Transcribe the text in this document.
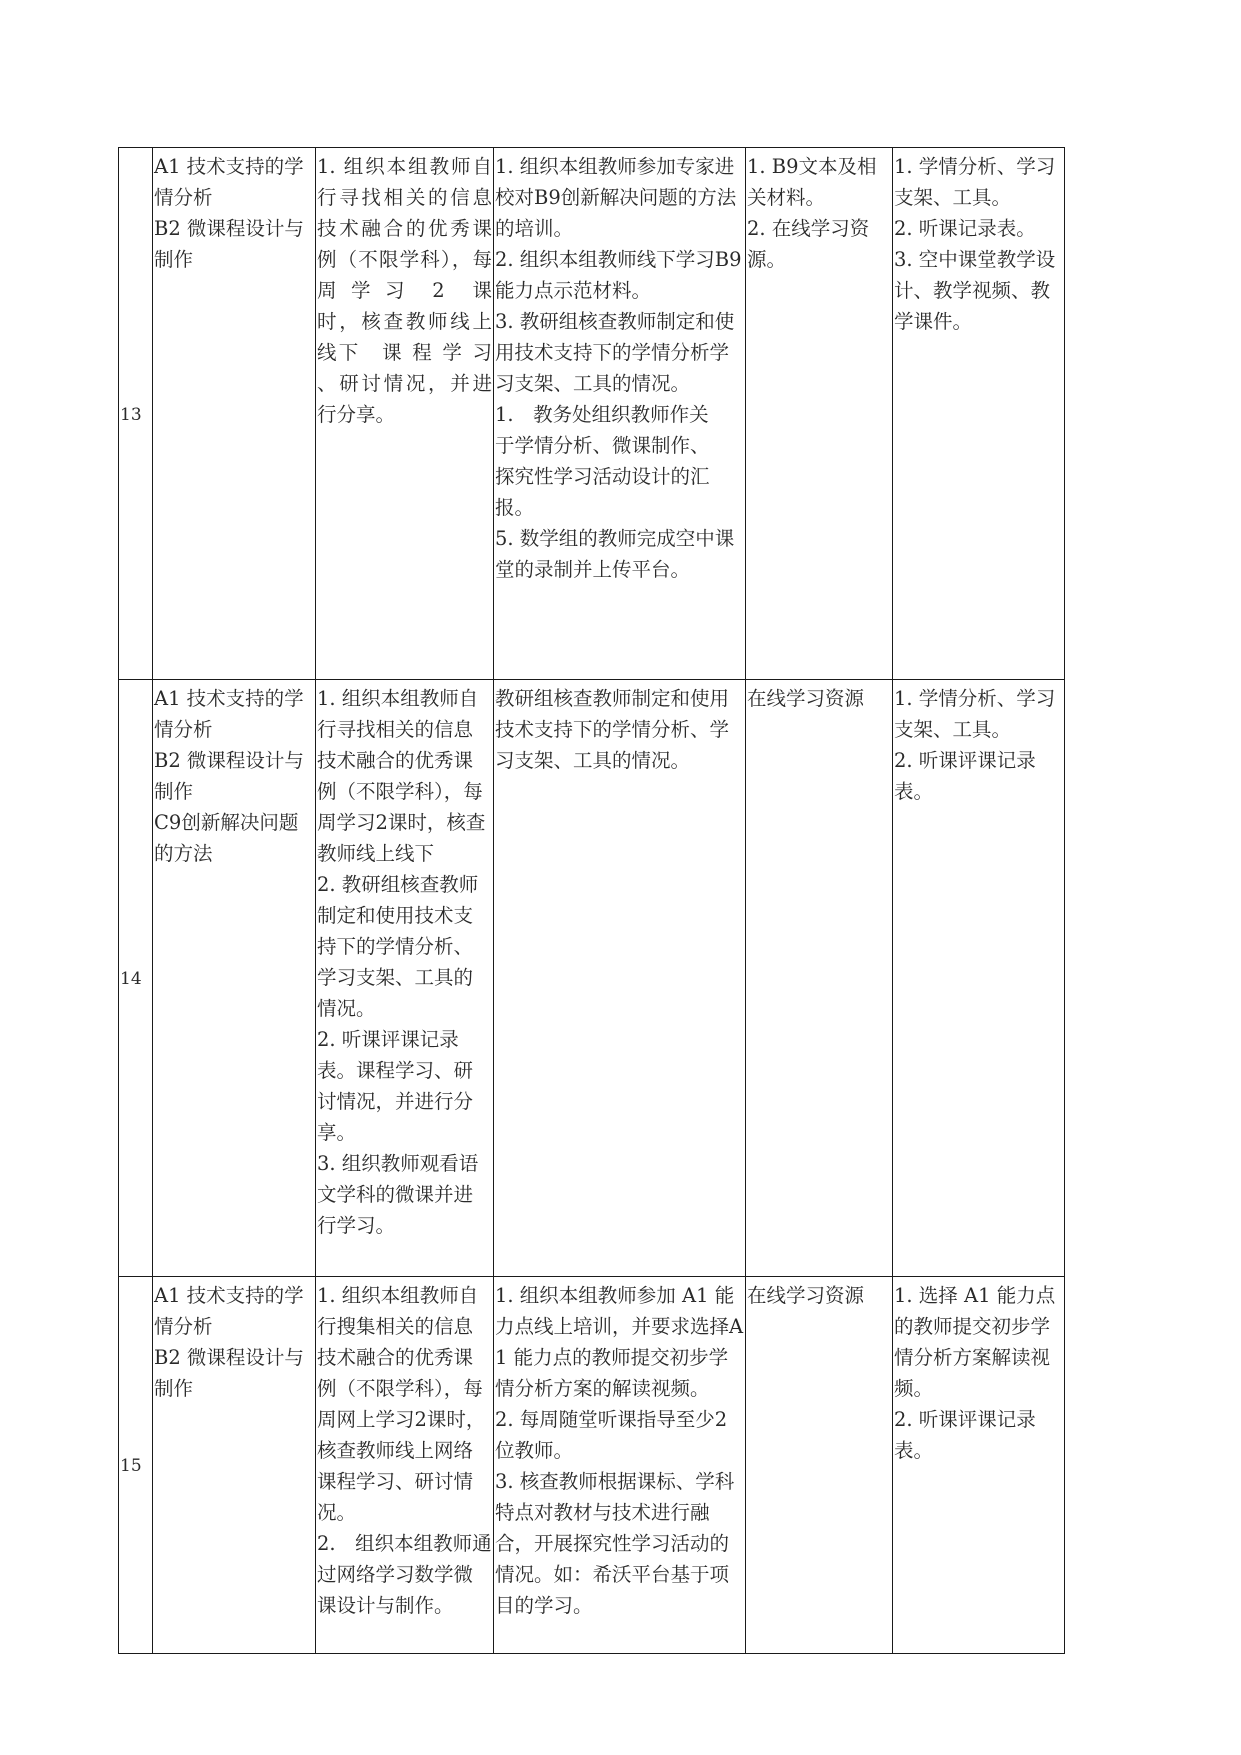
13	A1 技术支持的学情分析
B2 微课程设计与制作	1. 组织本组教师自行寻找相关的信息技术融合的优秀课例（不限学科），每 周 学 习　2　课时，核查教师线上线下　课 程 学 习 、研讨情况，并进行分享。	1. 组织本组教师参加专家进校对B9创新解决问题的方法的培训。
2. 组织本组教师线下学习B9能力点示范材料。
3. 教研组核查教师制定和使用技术支持下的学情分析学习支架、工具的情况。
1.　教务处组织教师作关于学情分析、微课制作、探究性学习活动设计的汇报。
5. 数学组的教师完成空中课堂的录制并上传平台。	1. B9文本及相关材料。
2. 在线学习资源。	1. 学情分析、学习支架、工具。
2. 听课记录表。
3. 空中课堂教学设计、教学视频、教学课件。

14	A1 技术支持的学情分析
B2 微课程设计与制作
C9创新解决问题的方法	1. 组织本组教师自行寻找相关的信息技术融合的优秀课例（不限学科），每周学习2课时，核查教师线上线下
2. 教研组核查教师制定和使用技术支持下的学情分析、学习支架、工具的情况。
2. 听课评课记录表。课程学习、研讨情况，并进行分享。
3. 组织教师观看语文学科的微课并进行学习。	教研组核查教师制定和使用技术支持下的学情分析、学习支架、工具的情况。	在线学习资源	1. 学情分析、学习支架、工具。
2. 听课评课记录表。

15	A1 技术支持的学情分析
B2 微课程设计与制作	1. 组织本组教师自行搜集相关的信息技术融合的优秀课例（不限学科），每周网上学习2课时，核查教师线上网络课程学习、研讨情况。
2.　组织本组教师通过网络学习数学微课设计与制作。	1. 组织本组教师参加 A1 能力点线上培训，并要求选择A1 能力点的教师提交初步学情分析方案的解读视频。
2. 每周随堂听课指导至少2位教师。
3. 核查教师根据课标、学科特点对教材与技术进行融合，开展探究性学习活动的情况。如：希沃平台基于项目的学习。	在线学习资源	1. 选择 A1 能力点的教师提交初步学情分析方案解读视频。
2. 听课评课记录表。
